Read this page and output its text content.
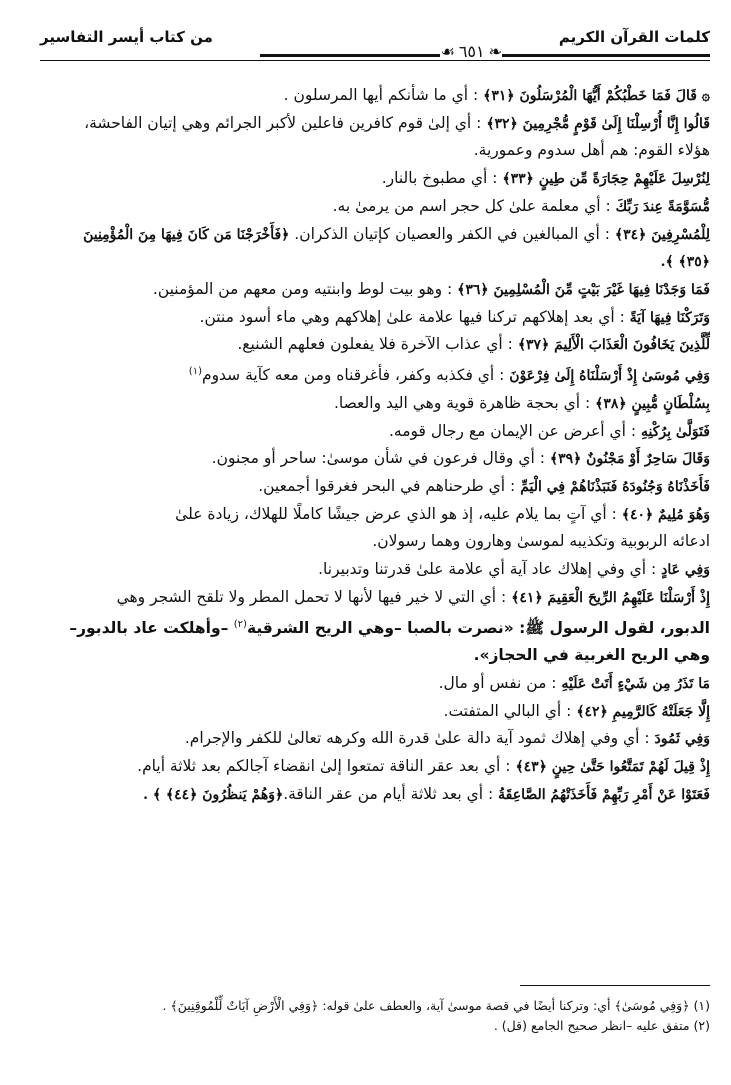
كلمات القرآن الكريم
من كتاب أيسر التفاسير
❧ ٦٥١ ☙
۞ قَالَ فَمَا خَطْبُكُمْ أَيُّهَا الْمُرْسَلُونَ ﴿٣١﴾ : أي ما شأنكم أيها المرسلون .
قَالُوا إِنَّا أُرْسِلْنَا إِلَىٰ قَوْمٍ مُّجْرِمِينَ ﴿٣٢﴾ : أي إلىٰ قوم كافرين فاعلين لأكبر الجرائم وهي إتيان الفاحشة،
هؤلاء القوم: هم أهل سدوم وعمورية.
لِنُرْسِلَ عَلَيْهِمْ حِجَارَةً مِّن طِينٍ ﴿٣٣﴾ : أي مطبوخ بالنار.
مُّسَوَّمَةً عِندَ رَبِّكَ : أي معلمة علىٰ كل حجر اسم من يرمىٰ به.
لِلْمُسْرِفِينَ ﴿٣٤﴾ : أي المبالغين في الكفر والعصيان كإتيان الذكران. ﴿فَأَخْرَجْنَا مَن كَانَ فِيهَا مِنَ الْمُؤْمِنِينَ
﴿٣٥﴾ ﴾.
فَمَا وَجَدْنَا فِيهَا غَيْرَ بَيْتٍ مِّنَ الْمُسْلِمِينَ ﴿٣٦﴾ : وهو بيت لوط وابنتيه ومن معهم من المؤمنين.
وَتَرَكْنَا فِيهَا آيَةً : أي بعد إهلاكهم تركنا فيها علامة علىٰ إهلاكهم وهي ماء أسود منتن.
لِّلَّذِينَ يَخَافُونَ الْعَذَابَ الْأَلِيمَ ﴿٣٧﴾ : أي عذاب الآخرة فلا يفعلون فعلهم الشنيع.
وَفِي مُوسَىٰ إِذْ أَرْسَلْنَاهُ إِلَىٰ فِرْعَوْنَ : أي فكذبه وكفر، فأغرقناه ومن معه كآية سدوم$^{(١)}$
بِسُلْطَانٍ مُّبِينٍ ﴿٣٨﴾ : أي بحجة ظاهرة قوية وهي اليد والعصا.
فَتَوَلَّىٰ بِرُكْنِهِ : أي أعرض عن الإيمان مع رجال قومه.
وَقَالَ سَاحِرٌ أَوْ مَجْنُونٌ ﴿٣٩﴾ : أي وقال فرعون في شأن موسىٰ: ساحر أو مجنون.
فَأَخَذْنَاهُ وَجُنُودَهُ فَنَبَذْنَاهُمْ فِي الْيَمِّ : أي طرحناهم في البحر فغرقوا أجمعين.
وَهُوَ مُلِيمٌ ﴿٤٠﴾ : أي آتٍ بما يلام عليه، إذ هو الذي عرض جيشًا كاملًا للهلاك، زيادة علىٰ
ادعائه الربوبية وتكذيبه لموسىٰ وهارون وهما رسولان.
وَفِي عَادٍ : أي وفي إهلاك عاد آية أي علامة علىٰ قدرتنا وتدبيرنا.
إِذْ أَرْسَلْنَا عَلَيْهِمُ الرِّيحَ الْعَقِيمَ ﴿٤١﴾ : أي التي لا خير فيها لأنها لا تحمل المطر ولا تلقح الشجر وهي
الدبور، لقول الرسول ﷺ: «نصرت بالصبا –وهي الريح الشرقية$^{(٢)}$ –وأهلكت عاد بالدبور–
وهي الريح الغربية في الحجاز».
مَا تَذَرُ مِن شَيْءٍ أَتَتْ عَلَيْهِ : من نفس أو مال.
إِلَّا جَعَلَتْهُ كَالرَّمِيمِ ﴿٤٢﴾ : أي البالي المتفتت.
وَفِي ثَمُودَ : أي وفي إهلاك ثمود آية دالة علىٰ قدرة الله وكرهه تعالىٰ للكفر والإجرام.
إِذْ قِيلَ لَهُمْ تَمَتَّعُوا حَتَّىٰ حِينٍ ﴿٤٣﴾ : أي بعد عقر الناقة تمتعوا إلىٰ انقضاء آجالكم بعد ثلاثة أيام.
فَعَتَوْا عَنْ أَمْرِ رَبِّهِمْ فَأَخَذَتْهُمُ الصَّاعِقَةُ : أي بعد ثلاثة أيام من عقر الناقة.﴿وَهُمْ يَنظُرُونَ ﴿٤٤﴾ ﴾ .
(١) ﴿وَفِي مُوسَىٰ﴾ أي: وتركنا أيضًا في قصة موسىٰ آية، والعطف علىٰ قوله: ﴿وَفِي الْأَرْضِ آيَاتٌ لِّلْمُوقِنِينَ﴾ .
(٢) متفق عليه –انظر صحيح الجامع (قل) .
